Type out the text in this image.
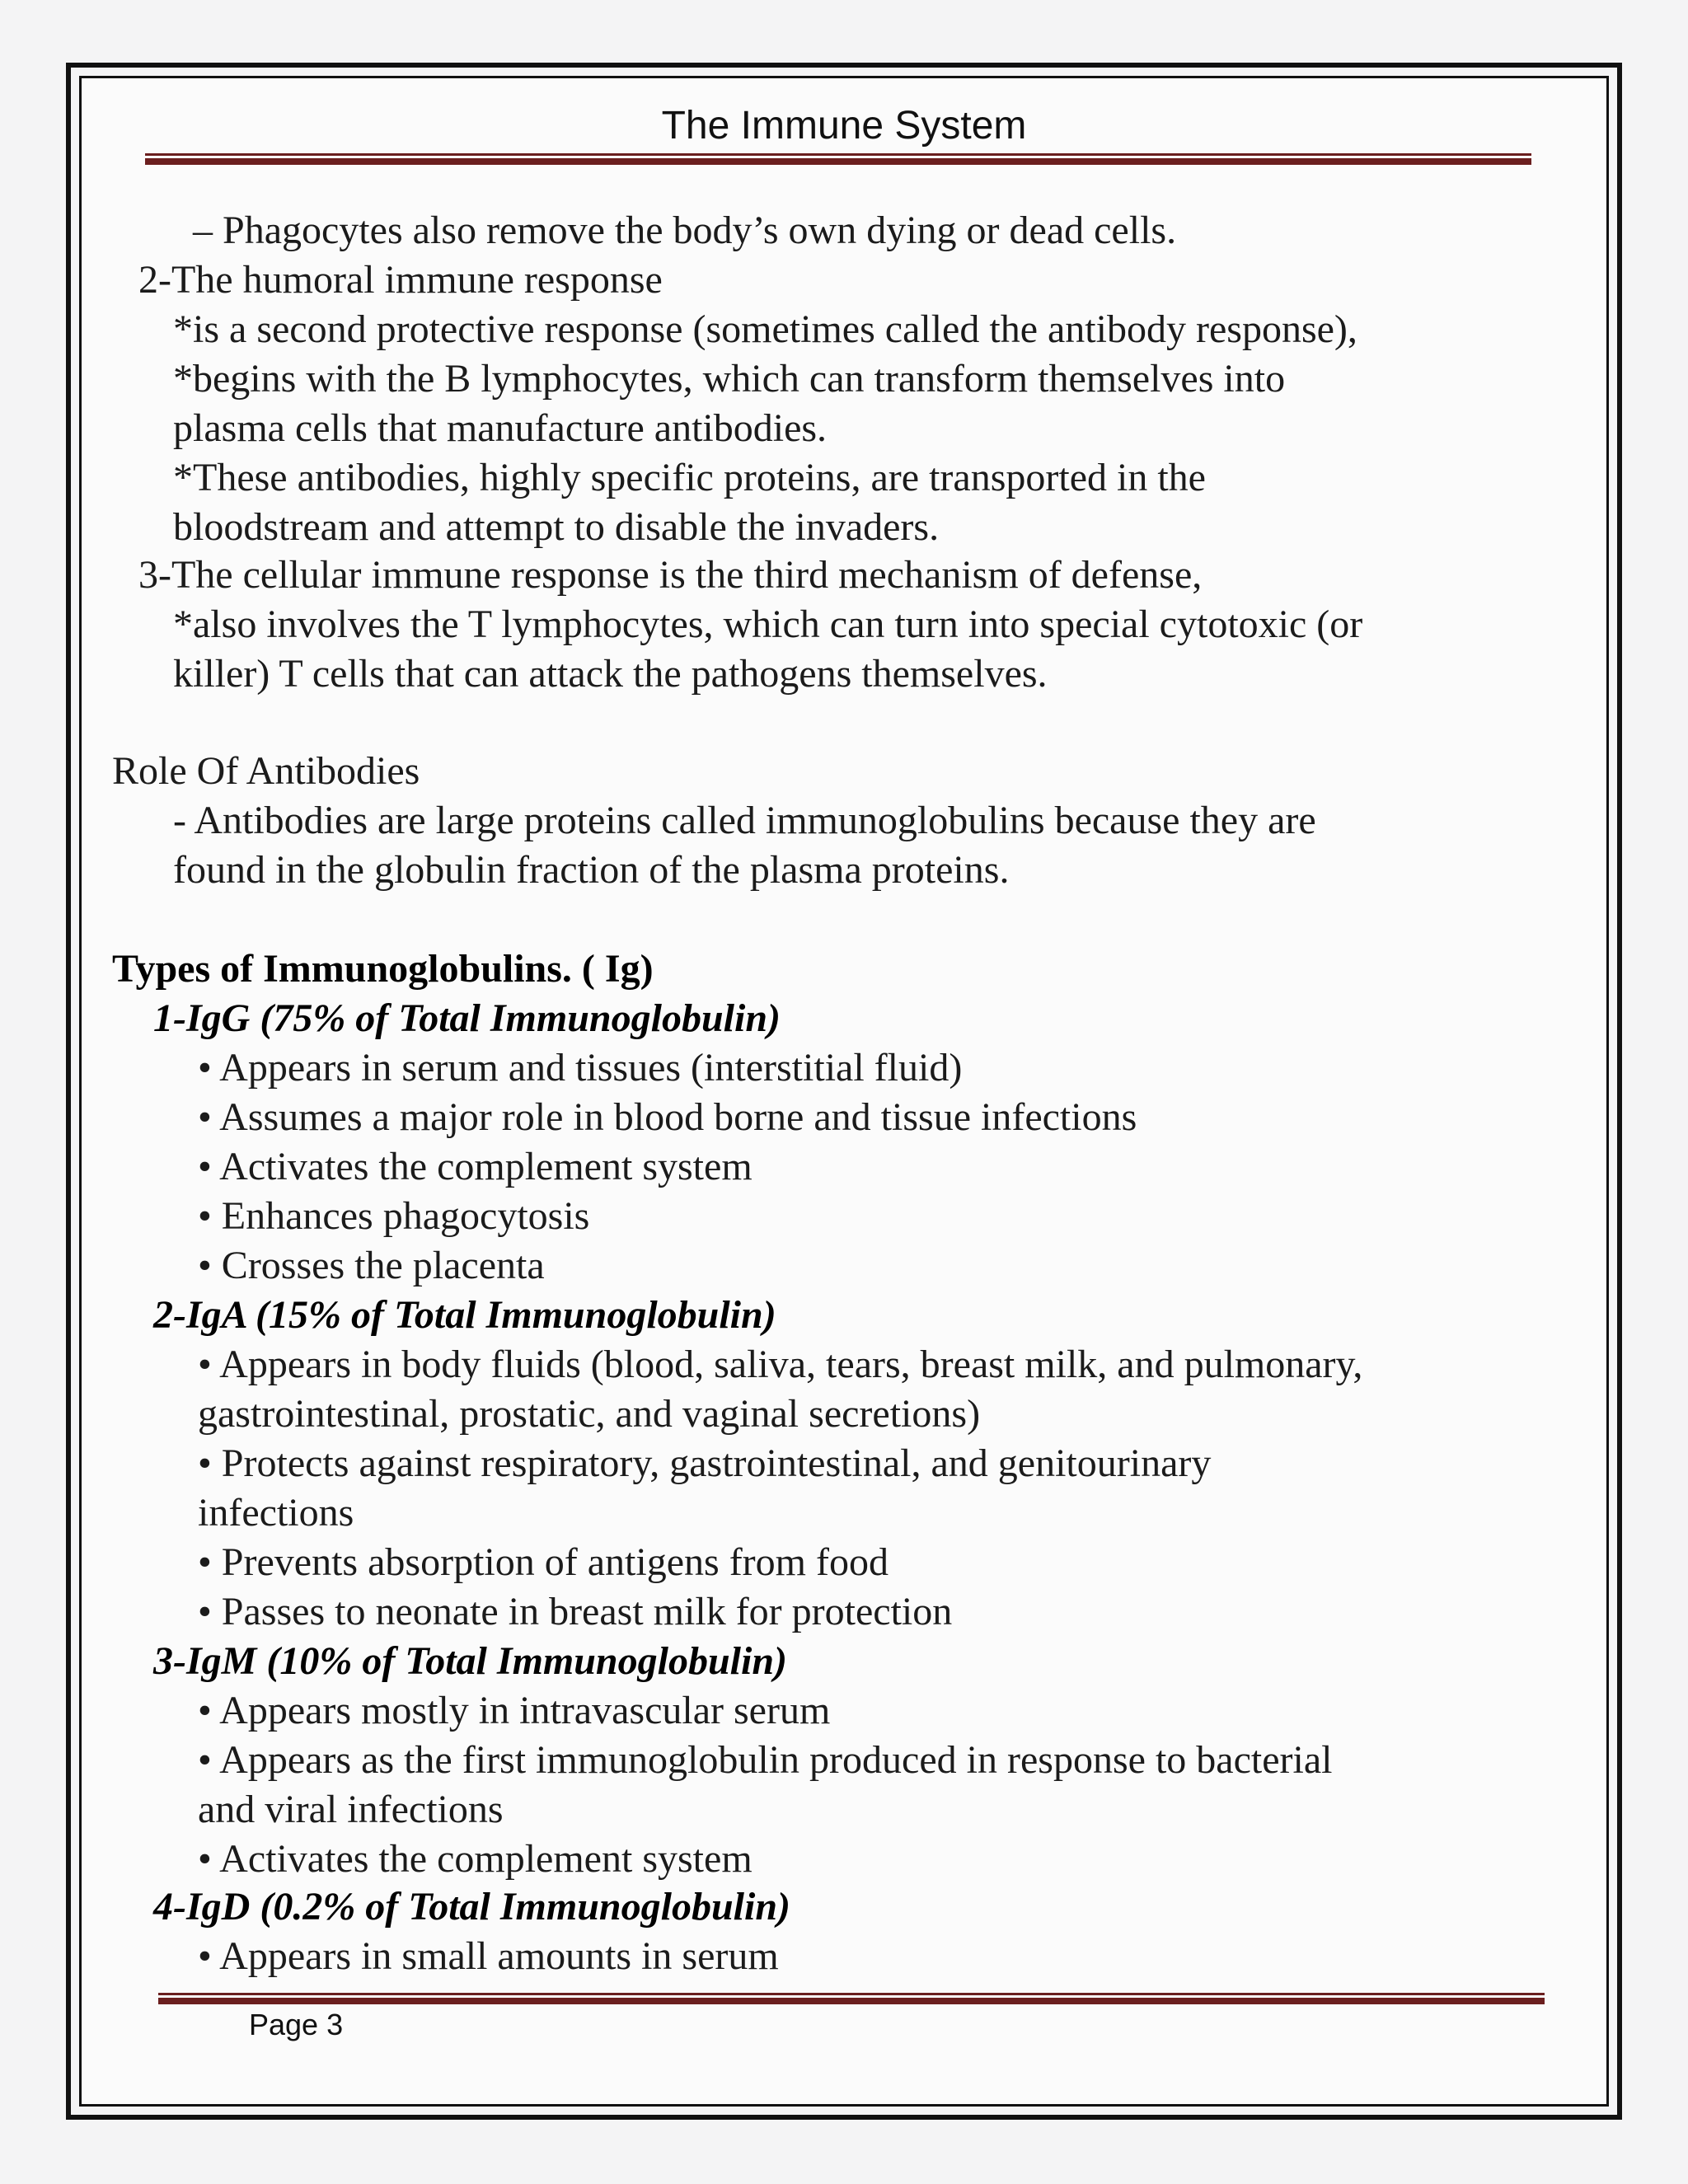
The Immune System
– Phagocytes also remove the body’s own dying or dead cells.
2-The humoral immune response
*is a second protective response (sometimes called the antibody response),
*begins with the B lymphocytes, which can transform themselves into
plasma cells that manufacture antibodies.
*These antibodies, highly specific proteins, are transported in the
bloodstream and attempt to disable the invaders.
3-The cellular immune response is the third mechanism of defense,
*also involves the T lymphocytes, which can turn into special cytotoxic (or
killer) T cells that can attack the pathogens themselves.
Role Of Antibodies
- Antibodies are large proteins called immunoglobulins because they are
found in the globulin fraction of the plasma proteins.
Types of Immunoglobulins. ( Ig)
1-IgG (75% of Total Immunoglobulin)
• Appears in serum and tissues (interstitial fluid)
• Assumes a major role in blood borne and tissue infections
• Activates the complement system
• Enhances phagocytosis
• Crosses the placenta
2-IgA (15% of Total Immunoglobulin)
• Appears in body fluids (blood, saliva, tears, breast milk, and pulmonary,
gastrointestinal, prostatic, and vaginal secretions)
• Protects against respiratory, gastrointestinal, and genitourinary
infections
• Prevents absorption of antigens from food
• Passes to neonate in breast milk for protection
3-IgM (10% of Total Immunoglobulin)
• Appears mostly in intravascular serum
• Appears as the first immunoglobulin produced in response to bacterial
and viral infections
• Activates the complement system
4-IgD (0.2% of Total Immunoglobulin)
• Appears in small amounts in serum
Page 3
